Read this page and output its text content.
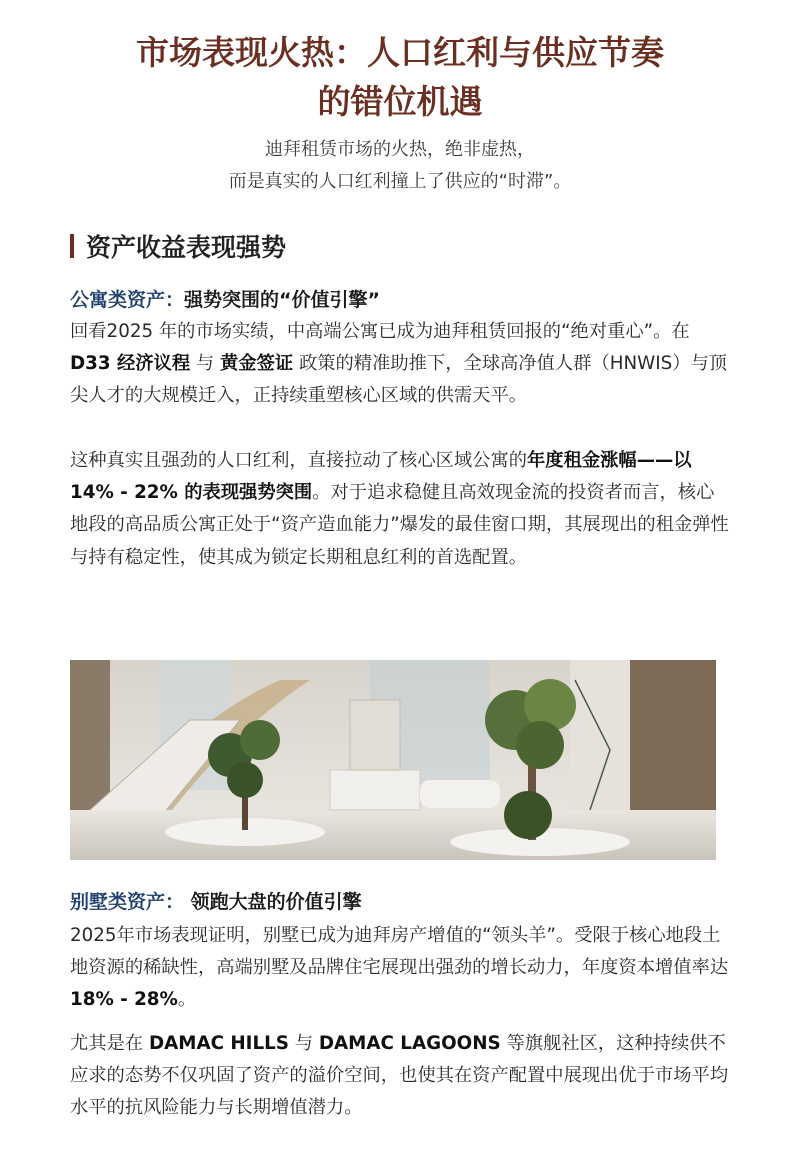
市场表现火热：人口红利与供应节奏
的错位机遇
迪拜租赁市场的火热，绝非虚热，
而是真实的人口红利撞上了供应的“时滞”。
资产收益表现强势
公寓类资产：强势突围的“价值引擎”
回看2025 年的市场实绩，中高端公寓已成为迪拜租赁回报的“绝对重心”。在 D33 经济议程 与 黄金签证 政策的精准助推下，全球高净值人群（HNWIS）与顶尖人才的大规模迁入，正持续重塑核心区域的供需天平。
这种真实且强劲的人口红利，直接拉动了核心区域公寓的年度租金涨幅——以 14% - 22% 的表现强势突围。对于追求稳健且高效现金流的投资者而言，核心地段的高品质公寓正处于“资产造血能力”爆发的最佳窗口期，其展现出的租金弹性与持有稳定性，使其成为锁定长期租息红利的首选配置。
别墅类资产： 领跑大盘的价值引擎
2025年市场表现证明，别墅已成为迪拜房产增值的“领头羊”。受限于核心地段土地资源的稀缺性，高端别墅及品牌住宅展现出强劲的增长动力，年度资本增值率达18% - 28%。
尤其是在 DAMAC HILLS 与 DAMAC LAGOONS 等旗舰社区，这种持续供不应求的态势不仅巩固了资产的溢价空间，也使其在资产配置中展现出优于市场平均水平的抗风险能力与长期增值潜力。
